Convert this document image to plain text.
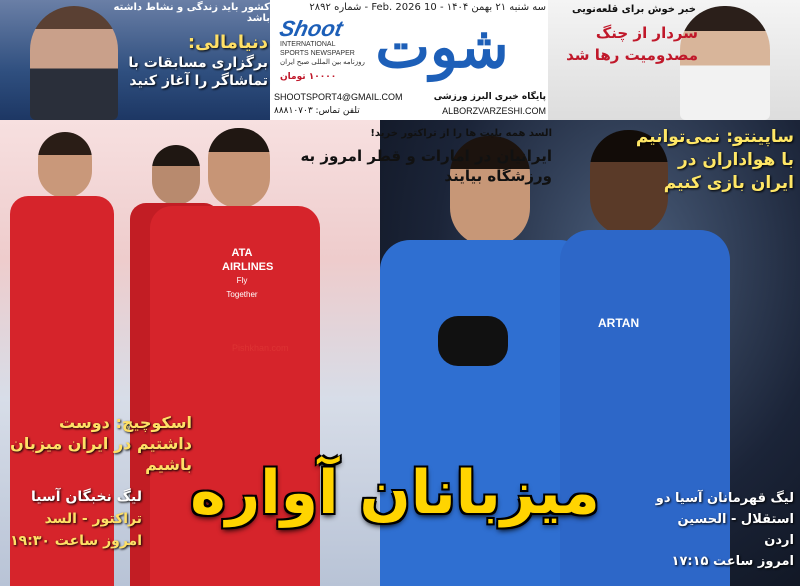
کشور باید زندگی و نشاط داشته باشد
دنیامالی:
برگزاری مسابقات با تماشاگر را آغاز کنید
خبر خوش برای قلعه‌نویی
سردار از چنگ مصدومیت رها شد
سه شنبه ۲۱ بهمن ۱۴۰۴ - 10 Feb. 2026 - شماره ۲۸۹۲
شوت
Shoot
INTERNATIONAL
SPORTS NEWSPAPER
روزنامه بین المللی صبح ایران
۱۰۰۰۰ تومان
SHOOTSPORT4@GMAIL.COM
تلفن تماس: ۸۸۸۱۰۷۰۳
پایگاه خبری البرز ورزشی
ALBORZVARZESHI.COM
ATA AIRLINES
Fly Together
ARTAN
ساپینتو: نمی‌توانیم با هواداران در ایران بازی کنیم
السد همه بلیت ها را از تراکتور خرید!
ایرانیان در امارات و قطر امروز به ورزشگاه بیایند
Pishkhan.com
اسکوچیچ: دوست داشتیم در ایران میزبان باشیم
میزبانان آواره
لیگ نخبگان آسیا
تراکتور - السد
امروز ساعت ۱۹:۳۰
لیگ قهرمانان آسیا دو
استقلال - الحسین اردن
امروز ساعت ۱۷:۱۵
